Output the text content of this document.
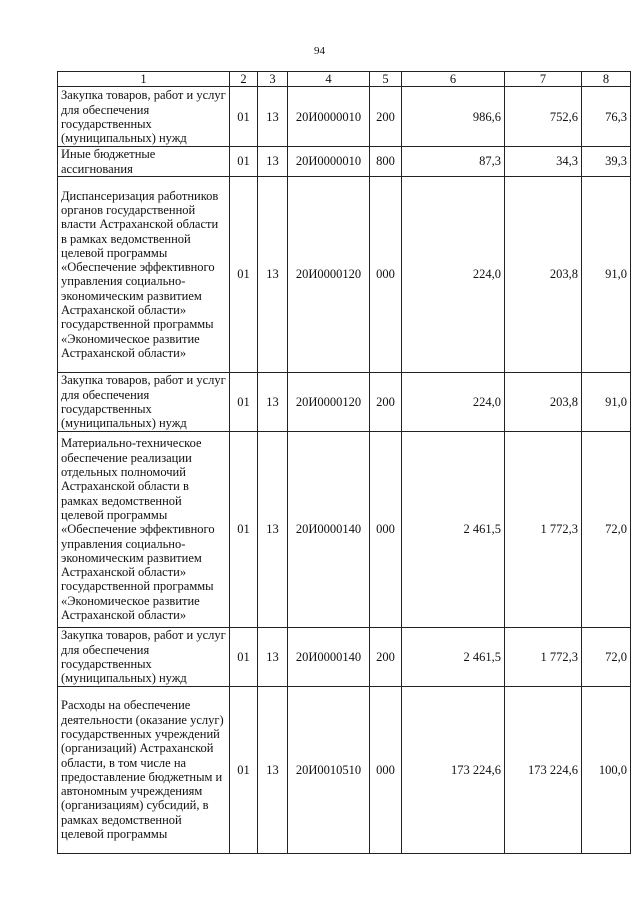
94
1	2	3	4	5	6	7	8
Закупка товаров, работ и услуг для обеспечения государственных (муниципальных) нужд	01	13	20И0000010	200	986,6	752,6	76,3
Иные бюджетные ассигнования	01	13	20И0000010	800	87,3	34,3	39,3
Диспансеризация работников органов государственной власти Астраханской области в рамках ведомственной целевой программы «Обеспечение эффективного управления социально-экономическим развитием Астраханской области» государственной программы «Экономическое развитие Астраханской области»	01	13	20И0000120	000	224,0	203,8	91,0
Закупка товаров, работ и услуг для обеспечения государственных (муниципальных) нужд	01	13	20И0000120	200	224,0	203,8	91,0
Материально-техническое обеспечение реализации отдельных полномочий Астраханской области в рамках ведомственной целевой программы «Обеспечение эффективного управления социально-экономическим развитием Астраханской области» государственной программы «Экономическое развитие Астраханской области»	01	13	20И0000140	000	2 461,5	1 772,3	72,0
Закупка товаров, работ и услуг для обеспечения государственных (муниципальных) нужд	01	13	20И0000140	200	2 461,5	1 772,3	72,0
Расходы на обеспечение деятельности (оказание услуг) государственных учреждений (организаций) Астраханской области, в том числе на предоставление бюджетным и автономным учреждениям (организациям) субсидий, в рамках ведомственной целевой программы	01	13	20И0010510	000	173 224,6	173 224,6	100,0
